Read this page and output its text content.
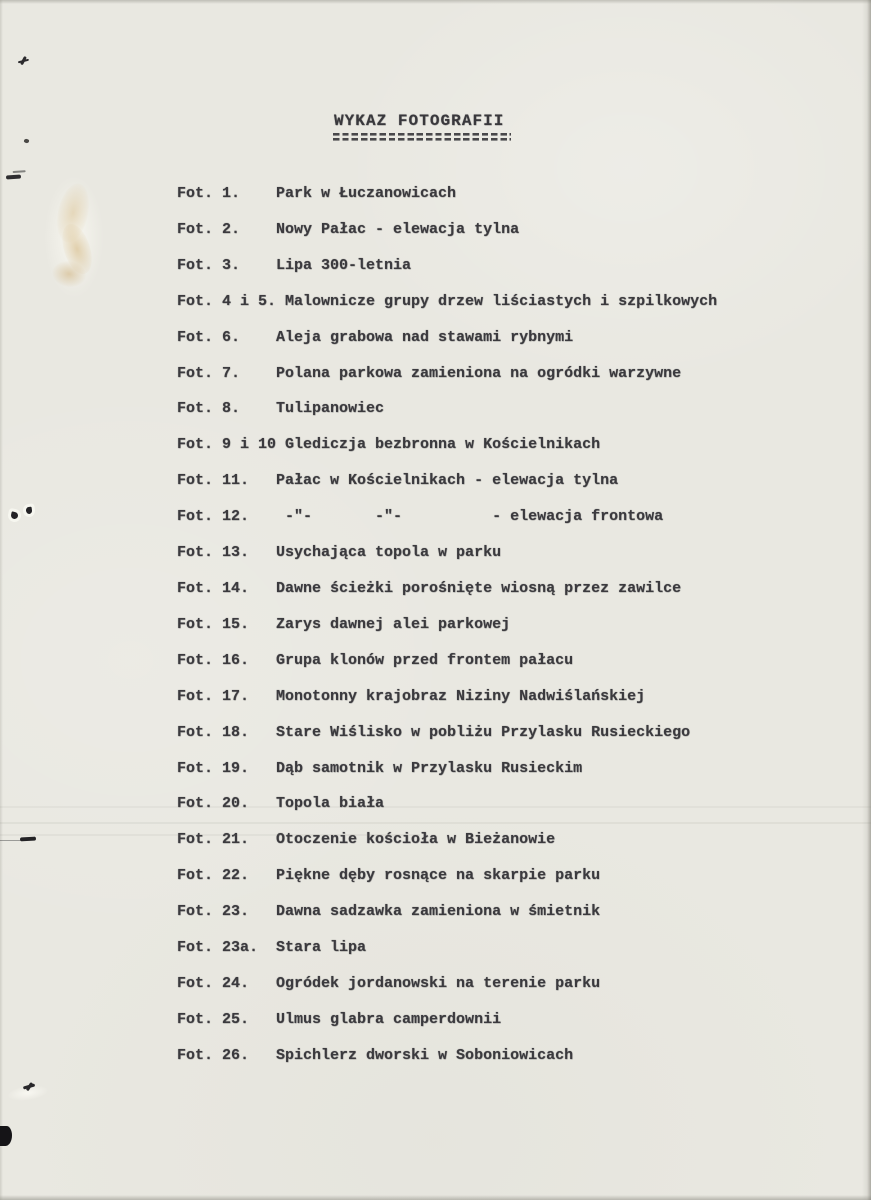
WYKAZ FOTOGRAFII
Fot. 1.    Park w Łuczanowicach
Fot. 2.    Nowy Pałac - elewacja tylna
Fot. 3.    Lipa 300-letnia
Fot. 4 i 5. Malownicze grupy drzew liściastych i szpilkowych
Fot. 6.    Aleja grabowa nad stawami rybnymi
Fot. 7.    Polana parkowa zamieniona na ogródki warzywne
Fot. 8.    Tulipanowiec
Fot. 9 i 10 Glediczja bezbronna w Kościelnikach
Fot. 11.   Pałac w Kościelnikach - elewacja tylna
Fot. 12.    -"-       -"-          - elewacja frontowa
Fot. 13.   Usychająca topola w parku
Fot. 14.   Dawne ścieżki porośnięte wiosną przez zawilce
Fot. 15.   Zarys dawnej alei parkowej
Fot. 16.   Grupa klonów przed frontem pałacu
Fot. 17.   Monotonny krajobraz Niziny Nadwiślańskiej
Fot. 18.   Stare Wiślisko w pobliżu Przylasku Rusieckiego
Fot. 19.   Dąb samotnik w Przylasku Rusieckim
Fot. 20.   Topola biała
Fot. 21.   Otoczenie kościoła w Bieżanowie
Fot. 22.   Piękne dęby rosnące na skarpie parku
Fot. 23.   Dawna sadzawka zamieniona w śmietnik
Fot. 23a.  Stara lipa
Fot. 24.   Ogródek jordanowski na terenie parku
Fot. 25.   Ulmus glabra camperdownii
Fot. 26.   Spichlerz dworski w Soboniowicach
